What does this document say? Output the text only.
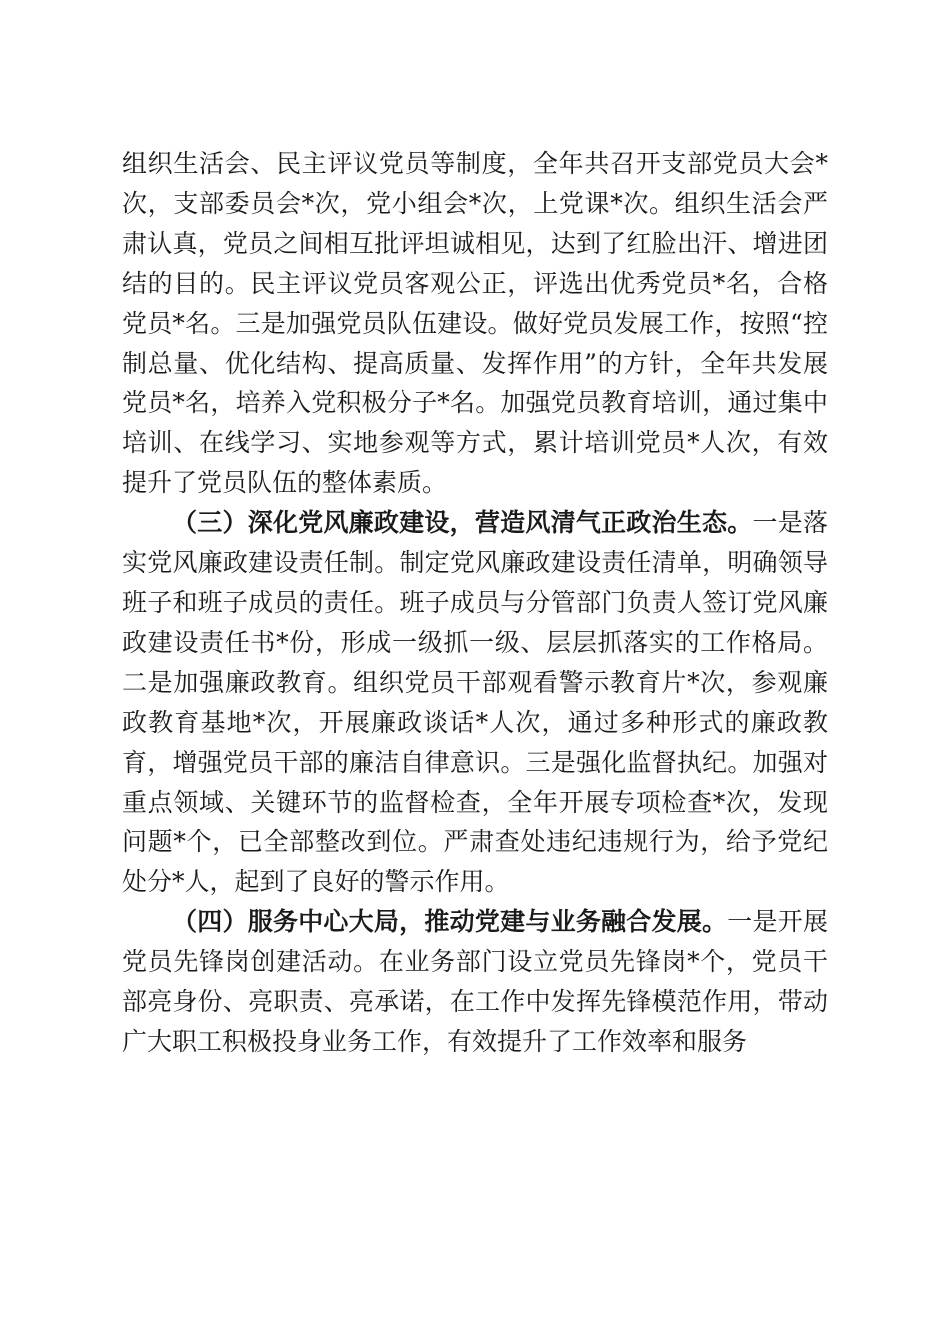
组织生活会、民主评议党员等制度，全年共召开支部党员大会*次，支部委员会*次，党小组会*次，上党课*次。组织生活会严肃认真，党员之间相互批评坦诚相见，达到了红脸出汗、增进团结的目的。民主评议党员客观公正，评选出优秀党员*名，合格党员*名。三是加强党员队伍建设。做好党员发展工作，按照“控制总量、优化结构、提高质量、发挥作用”的方针，全年共发展党员*名，培养入党积极分子*名。加强党员教育培训，通过集中培训、在线学习、实地参观等方式，累计培训党员*人次，有效提升了党员队伍的整体素质。

（三）深化党风廉政建设，营造风清气正政治生态。一是落实党风廉政建设责任制。制定党风廉政建设责任清单，明确领导班子和班子成员的责任。班子成员与分管部门负责人签订党风廉政建设责任书*份，形成一级抓一级、层层抓落实的工作格局。二是加强廉政教育。组织党员干部观看警示教育片*次，参观廉政教育基地*次，开展廉政谈话*人次，通过多种形式的廉政教育，增强党员干部的廉洁自律意识。三是强化监督执纪。加强对重点领域、关键环节的监督检查，全年开展专项检查*次，发现问题*个，已全部整改到位。严肃查处违纪违规行为，给予党纪处分*人，起到了良好的警示作用。

（四）服务中心大局，推动党建与业务融合发展。一是开展党员先锋岗创建活动。在业务部门设立党员先锋岗*个，党员干部亮身份、亮职责、亮承诺，在工作中发挥先锋模范作用，带动广大职工积极投身业务工作，有效提升了工作效率和服务
